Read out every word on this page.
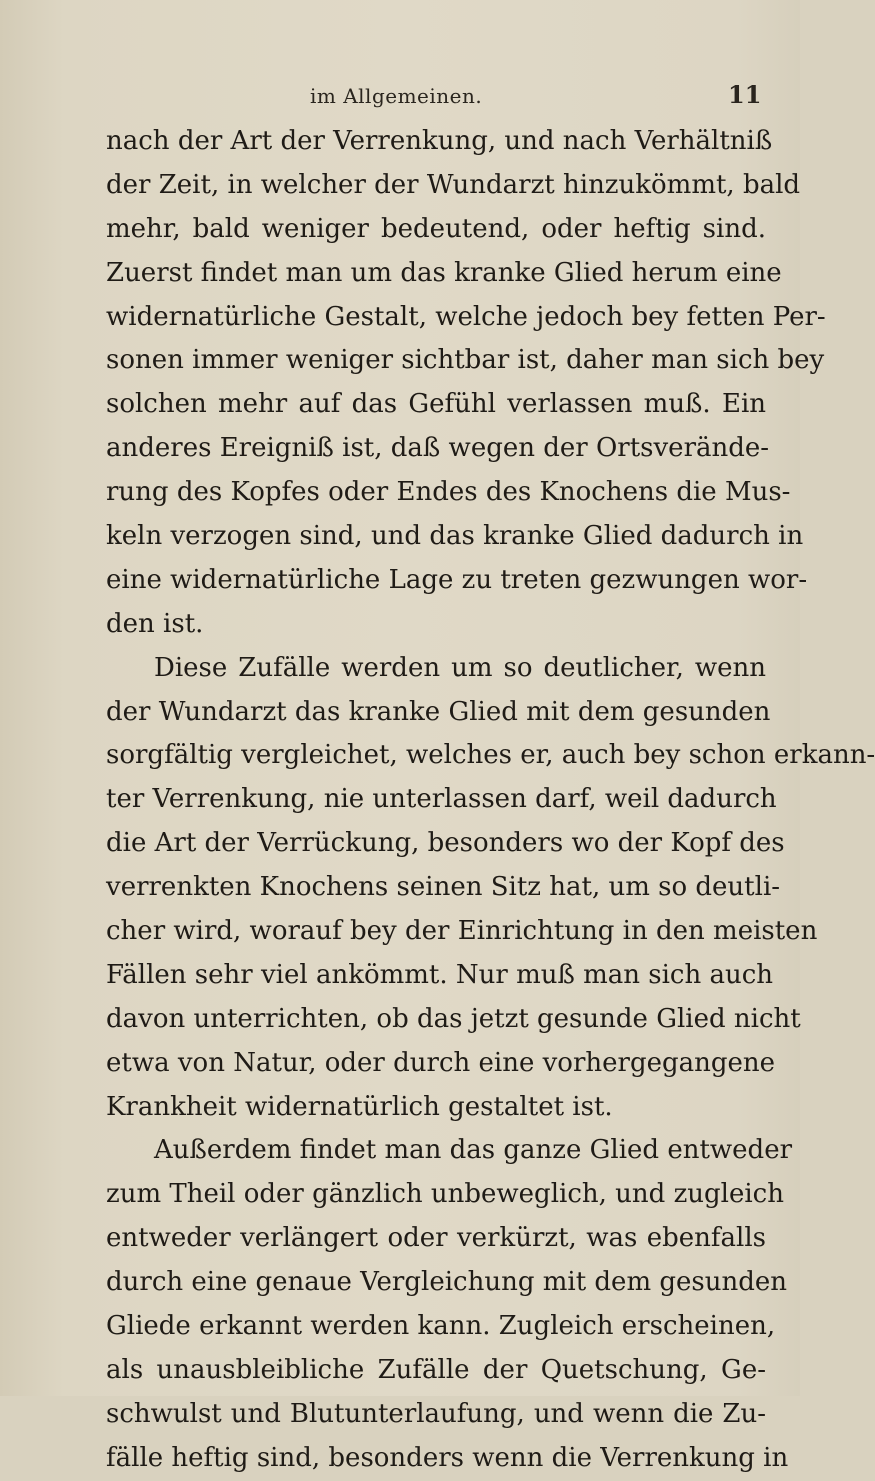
im Allgemeinen.	11
nach der Art der Verrenkung, und nach Verhältniß
der Zeit, in welcher der Wundarzt hinzukömmt, bald
mehr, bald weniger bedeutend, oder heftig sind.
Zuerst findet man um das kranke Glied herum eine
widernatürliche Gestalt, welche jedoch bey fetten Per-
sonen immer weniger sichtbar ist, daher man sich bey
solchen mehr auf das Gefühl verlassen muß. Ein
anderes Ereigniß ist, daß wegen der Ortsverände-
rung des Kopfes oder Endes des Knochens die Mus-
keln verzogen sind, und das kranke Glied dadurch in
eine widernatürliche Lage zu treten gezwungen wor-
den ist.
Diese Zufälle werden um so deutlicher, wenn
der Wundarzt das kranke Glied mit dem gesunden
sorgfältig vergleichet, welches er, auch bey schon erkann-
ter Verrenkung, nie unterlassen darf, weil dadurch
die Art der Verrückung, besonders wo der Kopf des
verrenkten Knochens seinen Sitz hat, um so deutli-
cher wird, worauf bey der Einrichtung in den meisten
Fällen sehr viel ankömmt. Nur muß man sich auch
davon unterrichten, ob das jetzt gesunde Glied nicht
etwa von Natur, oder durch eine vorhergegangene
Krankheit widernatürlich gestaltet ist.
Außerdem findet man das ganze Glied entweder
zum Theil oder gänzlich unbeweglich, und zugleich
entweder verlängert oder verkürzt, was ebenfalls
durch eine genaue Vergleichung mit dem gesunden
Gliede erkannt werden kann. Zugleich erscheinen,
als unausbleibliche Zufälle der Quetschung, Ge-
schwulst und Blutunterlaufung, und wenn die Zu-
fälle heftig sind, besonders wenn die Verrenkung in
